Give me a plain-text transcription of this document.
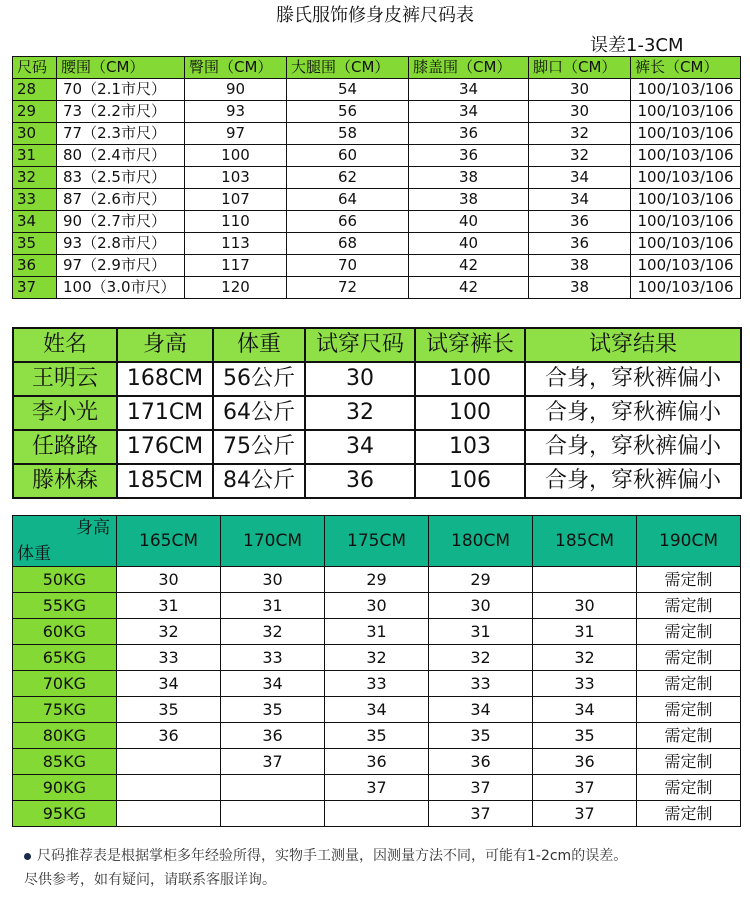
滕氏服饰修身皮裤尺码表
误差1-3CM
尺码	腰围（CM）	臀围（CM）	大腿围（CM）	膝盖围（CM）	脚口（CM）	裤长（CM）
28	70（2.1市尺）	90	54	34	30	100/103/106
29	73（2.2市尺）	93	56	34	30	100/103/106
30	77（2.3市尺）	97	58	36	32	100/103/106
31	80（2.4市尺）	100	60	36	32	100/103/106
32	83（2.5市尺）	103	62	38	34	100/103/106
33	87（2.6市尺）	107	64	38	34	100/103/106
34	90（2.7市尺）	110	66	40	36	100/103/106
35	93（2.8市尺）	113	68	40	36	100/103/106
36	97（2.9市尺）	117	70	42	38	100/103/106
37	100（3.0市尺）	120	72	42	38	100/103/106
姓名	身高	体重	试穿尺码	试穿裤长	试穿结果
王明云	168CM	56公斤	30	100	合身，穿秋裤偏小
李小光	171CM	64公斤	32	100	合身，穿秋裤偏小
任路路	176CM	75公斤	34	103	合身，穿秋裤偏小
滕林森	185CM	84公斤	36	106	合身，穿秋裤偏小
身高
体重	165CM	170CM	175CM	180CM	185CM	190CM
50KG	30	30	29	29		需定制
55KG	31	31	30	30	30	需定制
60KG	32	32	31	31	31	需定制
65KG	33	33	32	32	32	需定制
70KG	34	34	33	33	33	需定制
75KG	35	35	34	34	34	需定制
80KG	36	36	35	35	35	需定制
85KG		37	36	36	36	需定制
90KG			37	37	37	需定制
95KG				37	37	需定制
尺码推荐表是根据掌柜多年经验所得，实物手工测量，因测量方法不同，可能有1-2cm的误差。
尽供参考，如有疑问，请联系客服详询。
